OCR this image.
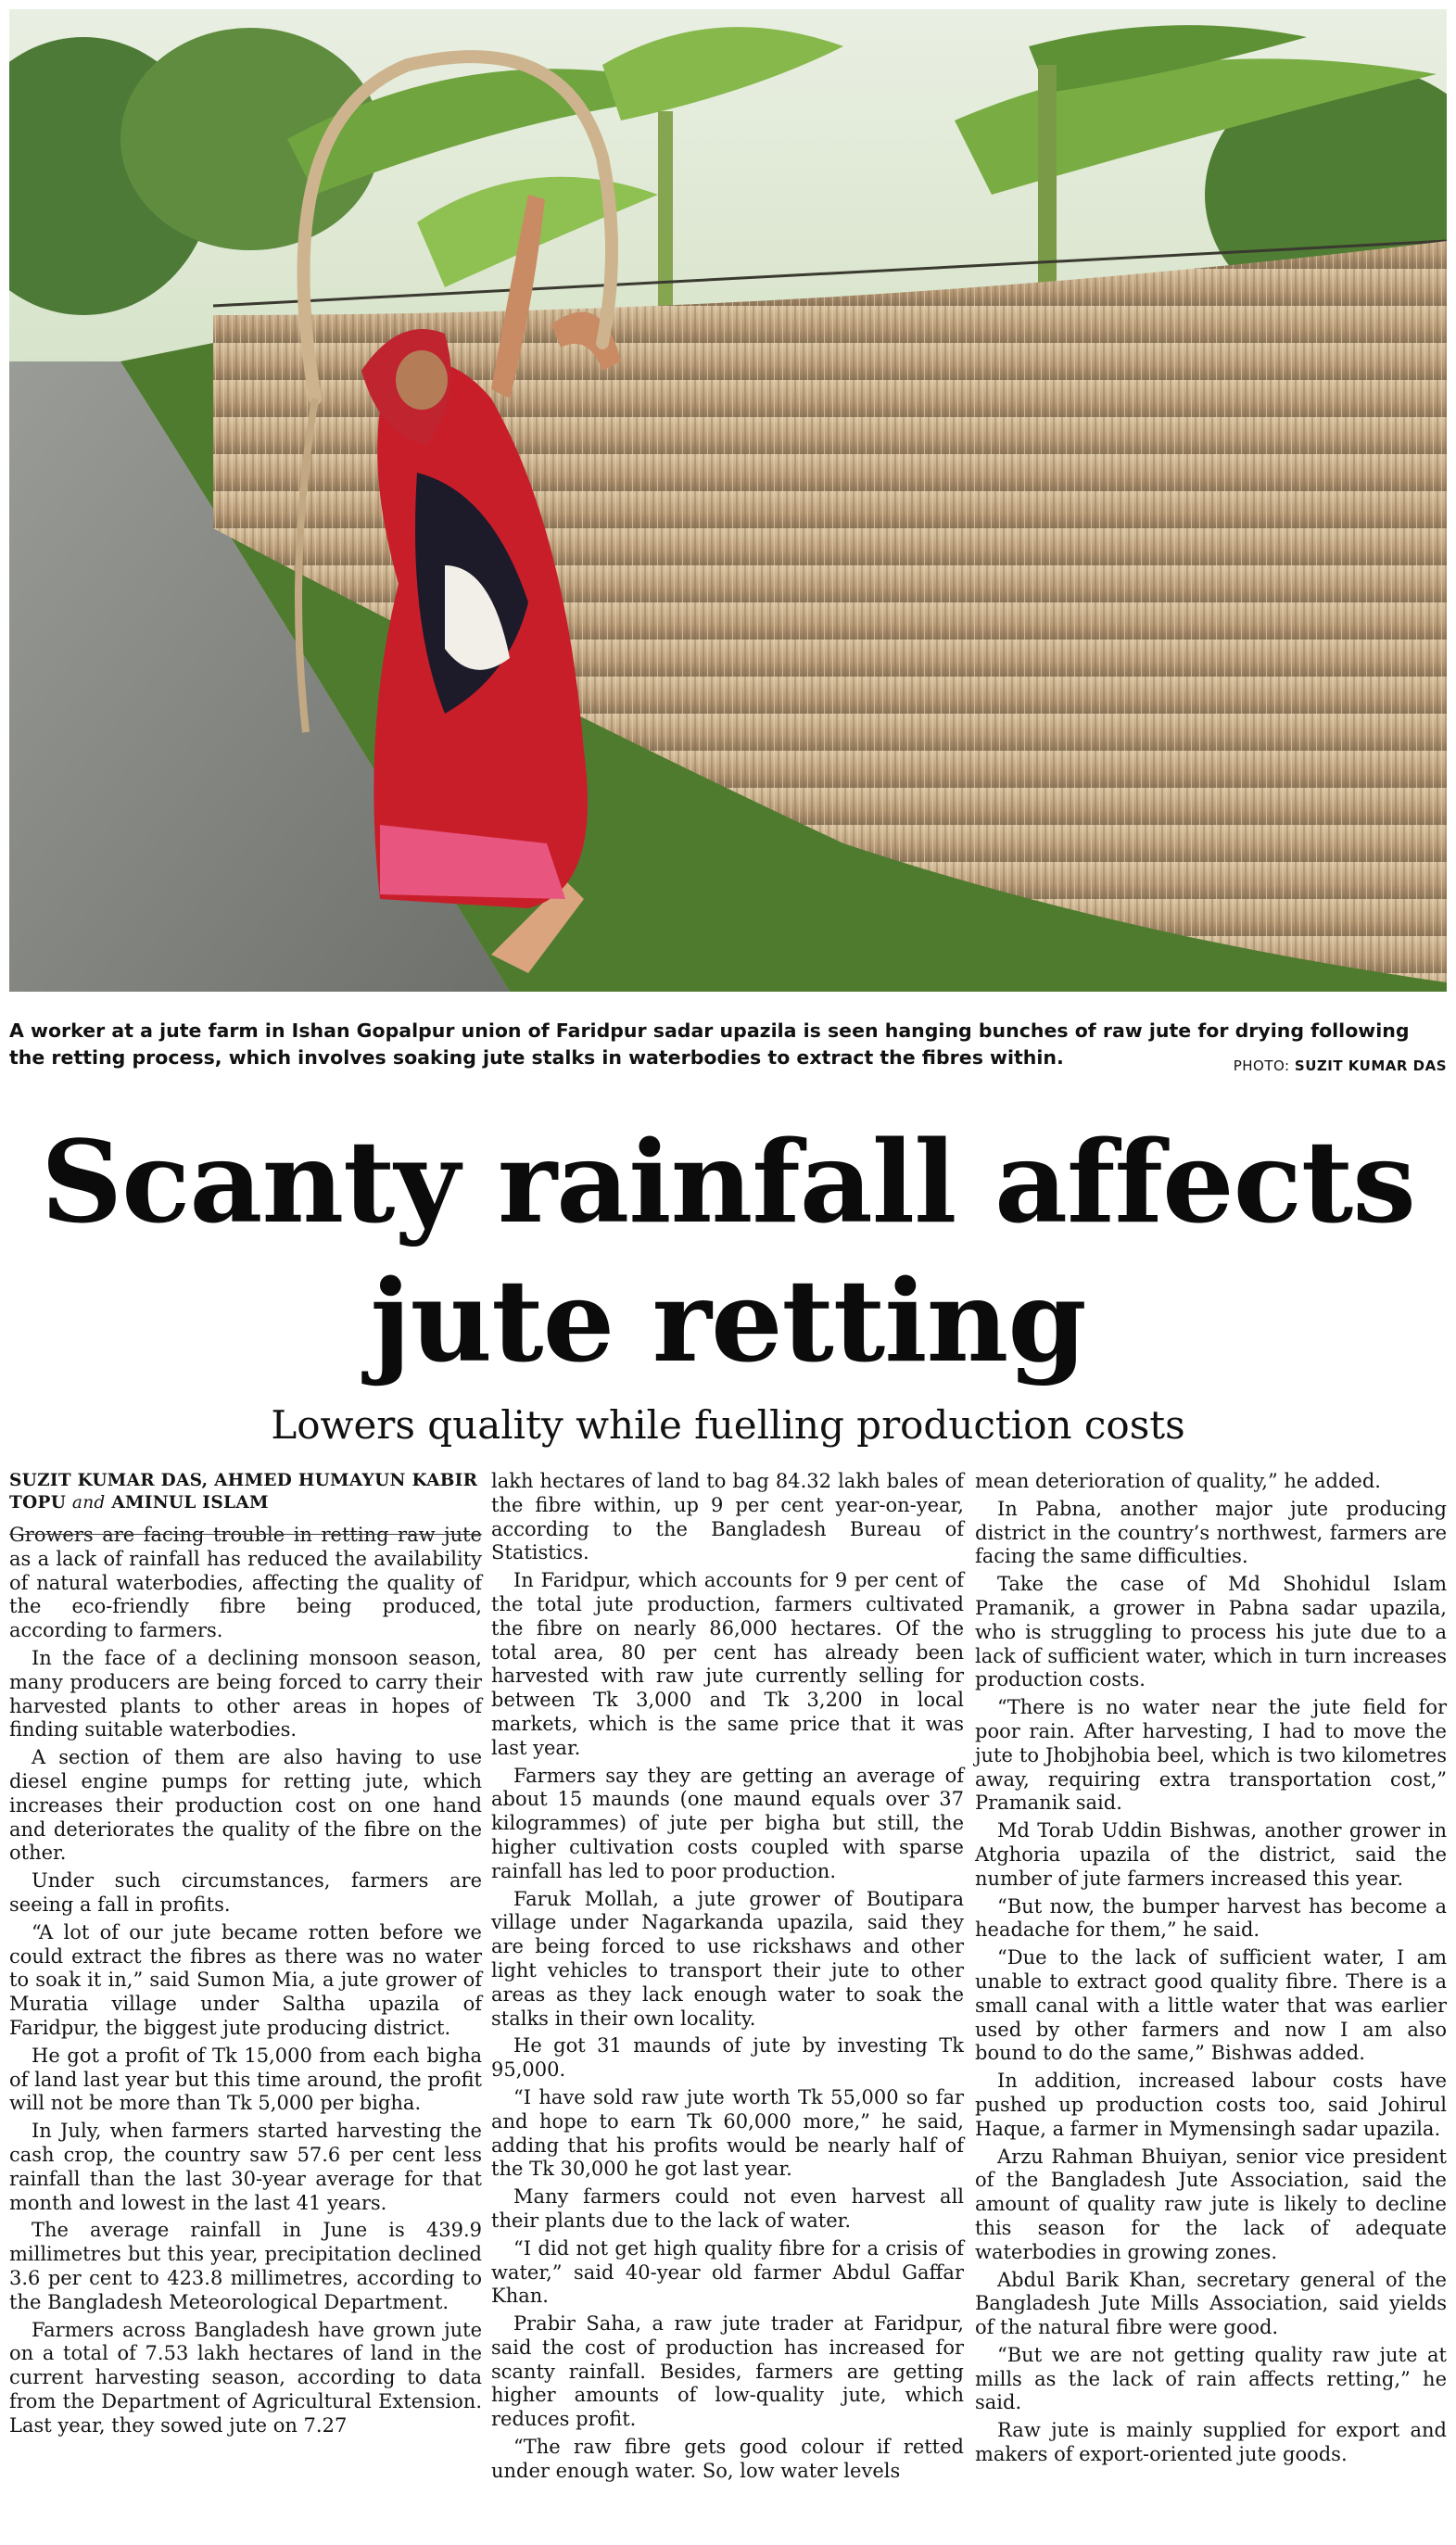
A worker at a jute farm in Ishan Gopalpur union of Faridpur sadar upazila is seen hanging bunches of raw jute for drying following the retting process, which involves soaking jute stalks in waterbodies to extract the fibres within.	PHOTO: SUZIT KUMAR DAS
Scanty rainfall affects
jute retting
Lowers quality while fuelling production costs
SUZIT KUMAR DAS, AHMED HUMAYUN KABIR TOPU and AMINUL ISLAM

Growers are facing trouble in retting raw jute as a lack of rainfall has reduced the availability of natural waterbodies, affecting the quality of the eco-friendly fibre being produced, according to farmers.

In the face of a declining monsoon season, many producers are being forced to carry their harvested plants to other areas in hopes of finding suitable waterbodies.

A section of them are also having to use diesel engine pumps for retting jute, which increases their production cost on one hand and deteriorates the quality of the fibre on the other.

Under such circumstances, farmers are seeing a fall in profits.

“A lot of our jute became rotten before we could extract the fibres as there was no water to soak it in,” said Sumon Mia, a jute grower of Muratia village under Saltha upazila of Faridpur, the biggest jute producing district.

He got a profit of Tk 15,000 from each bigha of land last year but this time around, the profit will not be more than Tk 5,000 per bigha.

In July, when farmers started harvesting the cash crop, the country saw 57.6 per cent less rainfall than the last 30-year average for that month and lowest in the last 41 years.

The average rainfall in June is 439.9 millimetres but this year, precipitation declined 3.6 per cent to 423.8 millimetres, according to the Bangladesh Meteorological Department.

Farmers across Bangladesh have grown jute on a total of 7.53 lakh hectares of land in the current harvesting season, according to data from the Department of Agricultural Extension. Last year, they sowed jute on 7.27

lakh hectares of land to bag 84.32 lakh bales of the fibre within, up 9 per cent year-on-year, according to the Bangladesh Bureau of Statistics.

In Faridpur, which accounts for 9 per cent of the total jute production, farmers cultivated the fibre on nearly 86,000 hectares. Of the total area, 80 per cent has already been harvested with raw jute currently selling for between Tk 3,000 and Tk 3,200 in local markets, which is the same price that it was last year.

Farmers say they are getting an average of about 15 maunds (one maund equals over 37 kilogrammes) of jute per bigha but still, the higher cultivation costs coupled with sparse rainfall has led to poor production.

Faruk Mollah, a jute grower of Boutipara village under Nagarkanda upazila, said they are being forced to use rickshaws and other light vehicles to transport their jute to other areas as they lack enough water to soak the stalks in their own locality.

He got 31 maunds of jute by investing Tk 95,000.

“I have sold raw jute worth Tk 55,000 so far and hope to earn Tk 60,000 more,” he said, adding that his profits would be nearly half of the Tk 30,000 he got last year.

Many farmers could not even harvest all their plants due to the lack of water.

“I did not get high quality fibre for a crisis of water,” said 40-year old farmer Abdul Gaffar Khan.

Prabir Saha, a raw jute trader at Faridpur, said the cost of production has increased for scanty rainfall. Besides, farmers are getting higher amounts of low-quality jute, which reduces profit.

“The raw fibre gets good colour if retted under enough water. So, low water levels

mean deterioration of quality,” he added.

In Pabna, another major jute producing district in the country’s northwest, farmers are facing the same difficulties.

Take the case of Md Shohidul Islam Pramanik, a grower in Pabna sadar upazila, who is struggling to process his jute due to a lack of sufficient water, which in turn increases production costs.

“There is no water near the jute field for poor rain. After harvesting, I had to move the jute to Jhobjhobia beel, which is two kilometres away, requiring extra transportation cost,” Pramanik said.

Md Torab Uddin Bishwas, another grower in Atghoria upazila of the district, said the number of jute farmers increased this year.

“But now, the bumper harvest has become a headache for them,” he said.

“Due to the lack of sufficient water, I am unable to extract good quality fibre. There is a small canal with a little water that was earlier used by other farmers and now I am also bound to do the same,” Bishwas added.

In addition, increased labour costs have pushed up production costs too, said Johirul Haque, a farmer in Mymensingh sadar upazila.

Arzu Rahman Bhuiyan, senior vice president of the Bangladesh Jute Association, said the amount of quality raw jute is likely to decline this season for the lack of adequate waterbodies in growing zones.

Abdul Barik Khan, secretary general of the Bangladesh Jute Mills Association, said yields of the natural fibre were good.

“But we are not getting quality raw jute at mills as the lack of rain affects retting,” he said.

Raw jute is mainly supplied for export and makers of export-oriented jute goods.
